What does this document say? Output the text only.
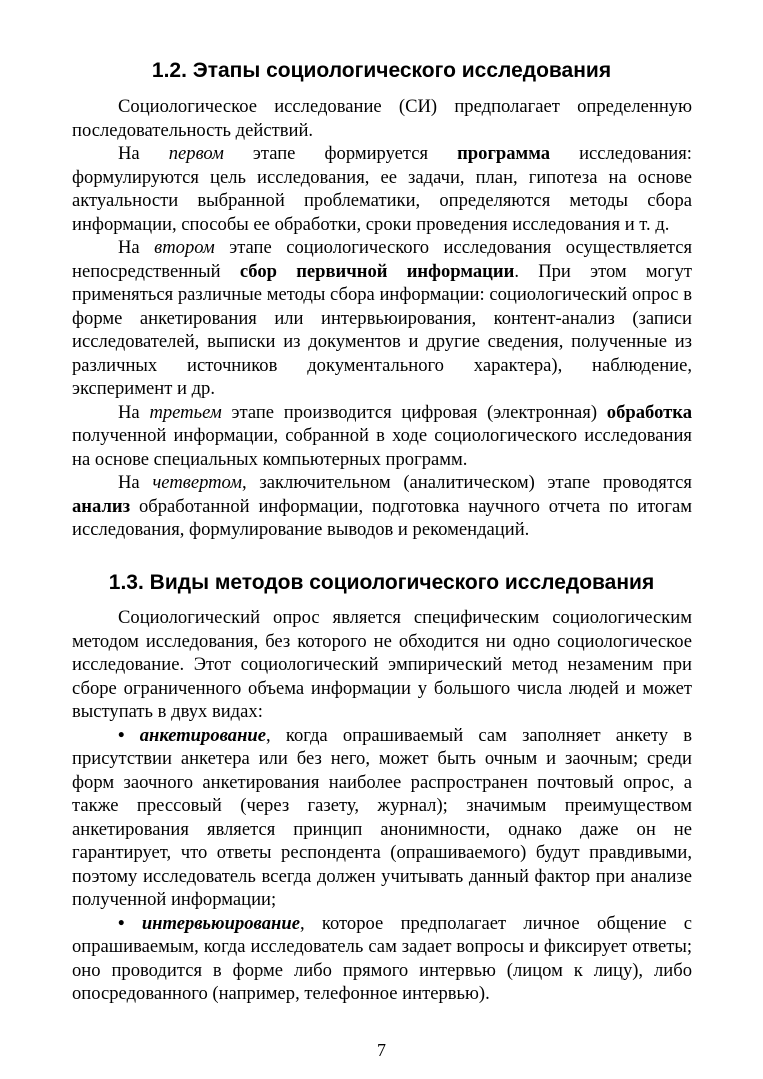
1.2. Этапы социологического исследования

Социологическое исследование (СИ) предполагает определенную последовательность действий.

На первом этапе формируется программа исследования: формулируются цель исследования, ее задачи, план, гипотеза на основе актуальности выбранной проблематики, определяются методы сбора информации, способы ее обработки, сроки проведения исследования и т. д.

На втором этапе социологического исследования осуществляется непосредственный сбор первичной информации. При этом могут применяться различные методы сбора информации: социологический опрос в форме анкетирования или интервьюирования, контент-анализ (записи исследователей, выписки из документов и другие сведения, полученные из различных источников документального характера), наблюдение, эксперимент и др.

На третьем этапе производится цифровая (электронная) обработка полученной информации, собранной в ходе социологического исследования на основе специальных компьютерных программ.

На четвертом, заключительном (аналитическом) этапе проводятся анализ обработанной информации, подготовка научного отчета по итогам исследования, формулирование выводов и рекомендаций.

1.3. Виды методов социологического исследования

Социологический опрос является специфическим социологическим методом исследования, без которого не обходится ни одно социологическое исследование. Этот социологический эмпирический метод незаменим при сборе ограниченного объема информации у большого числа людей и может выступать в двух видах:

• анкетирование, когда опрашиваемый сам заполняет анкету в присутствии анкетера или без него, может быть очным и заочным; среди форм заочного анкетирования наиболее распространен почтовый опрос, а также прессовый (через газету, журнал); значимым преимуществом анкетирования является принцип анонимности, однако даже он не гарантирует, что ответы респондента (опрашиваемого) будут правдивыми, поэтому исследователь всегда должен учитывать данный фактор при анализе полученной информации;

• интервьюирование, которое предполагает личное общение с опрашиваемым, когда исследователь сам задает вопросы и фиксирует ответы; оно проводится в форме либо прямого интервью (лицом к лицу), либо опосредованного (например, телефонное интервью).

7
